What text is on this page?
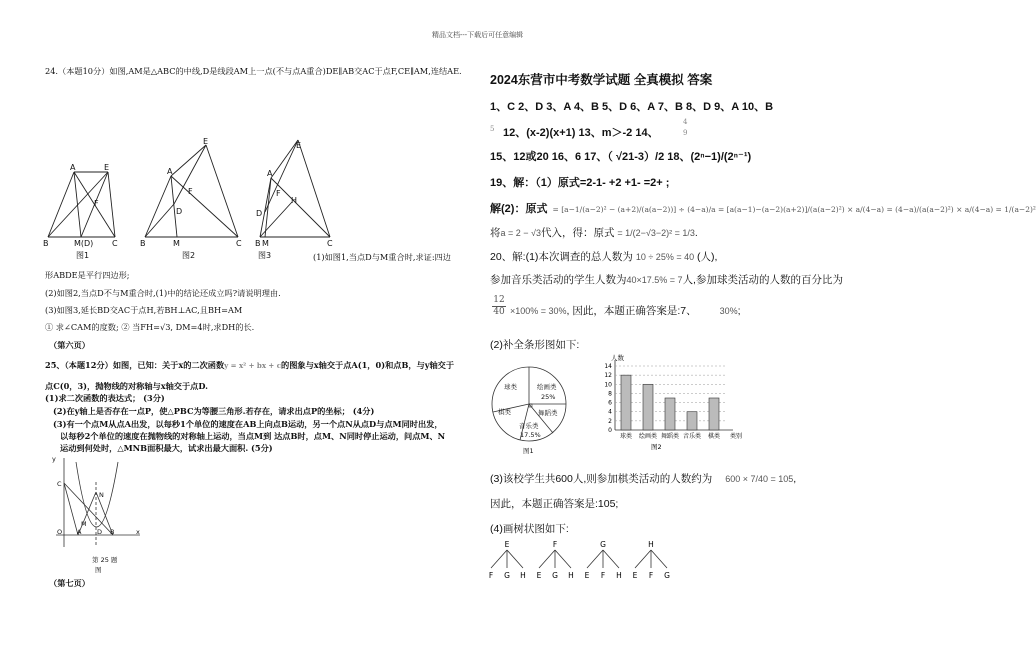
精品文档---下载后可任意编辑
24.（本题10分）如图,AM是△ABC的中线,D是线段AM上一点(不与点A重合)DE∥AB交AC于点F,CE∥AM,连结AE.
A	E
F
B	M(D) C
A
E
D
F
B	M	C
A
E
F
H
D
B M	C
图1	图2	图3	(1)如图1,当点D与M重合时,求证:四边
形ABDE是平行四边形;
(2)如图2,当点D不与M重合时,(1)中的结论还成立吗?请说明理由.
(3)如图3,延长BD交AC于点H,若BH⊥AC,且BH=AM
① 求∠CAM的度数; ② 当FH=√3, DM=4时,求DH的长.
（第六页）
25、（本题12分）如图，已知：关于x的二次函数y = x² + bx + c的图象与x轴交于点A(1，0)和点B，与y轴交于
点C(0，3)，抛物线的对称轴与x轴交于点D.
(1)求二次函数的表达式； (3分)
(2)在y轴上是否存在一点P，使△PBC为等腰三角形.若存在，请求出点P的坐标； (4分)
(3)有一个点M从点A出发，以每秒1个单位的速度在AB上向点B运动，另一个点N从点D与点M同时出发，
以每秒2个单位的速度在抛物线的对称轴上运动，当点M到 达点B时，点M、N同时停止运动，问点M、N
运动到何处时，△MNB面积最大，试求出最大面积. (5分)
y
C
N
M
O A D B	x
第 25 题
图
（第七页）
2024东营市中考数学试题 全真模拟 答案
1、C 2、D 3、A 4、B 5、D 6、A 7、B 8、D 9、A 10、B
5 12、(x-2)(x+1) 13、m＞-2 14、
4
9
15、12或20 16、6 17、（ √21-3）/2 18、(2ⁿ−1)/(2ⁿ⁻¹)
19、解：（1）原式=2-1- +2 +1- =2+ ;
解(2)：原式 = [a−1/(a−2)² − (a+2)/(a(a−2))] ÷ (4−a)/a = [a(a−1)−(a−2)(a+2)]/(a(a−2)²) × a/(4−a) = (4−a)/(a(a−2)²) × a/(4−a) = 1/(a−2)²
将a = 2 − √3代入，得：原式 = 1/(2−√3−2)² = 1/3.
20、解:(1)本次调查的总人数为 10 ÷ 25% = 40 (人),
参加音乐类活动的学生人数为40×17.5% = 7人,参加球类活动的人数的百分比为
$\frac{12}{40} \times 100\% = 30\%$, 因此，本题正确答案是:7、	30%;
(2)补全条形图如下:
球类	绘画类
25%
舞蹈类
棋类
音乐类
17.5%
图1
人数
14
12
10
8
6
4
2
0
球类 绘画类 舞蹈类 音乐类 棋类 类别
图2
(3)该校学生共600人,则参加棋类活动的人数约为 600 × 7/40 = 105,
因此，本题正确答案是:105;
(4)画树状图如下:
E
F G H
F
E G H
G
E F H
H
E F G
